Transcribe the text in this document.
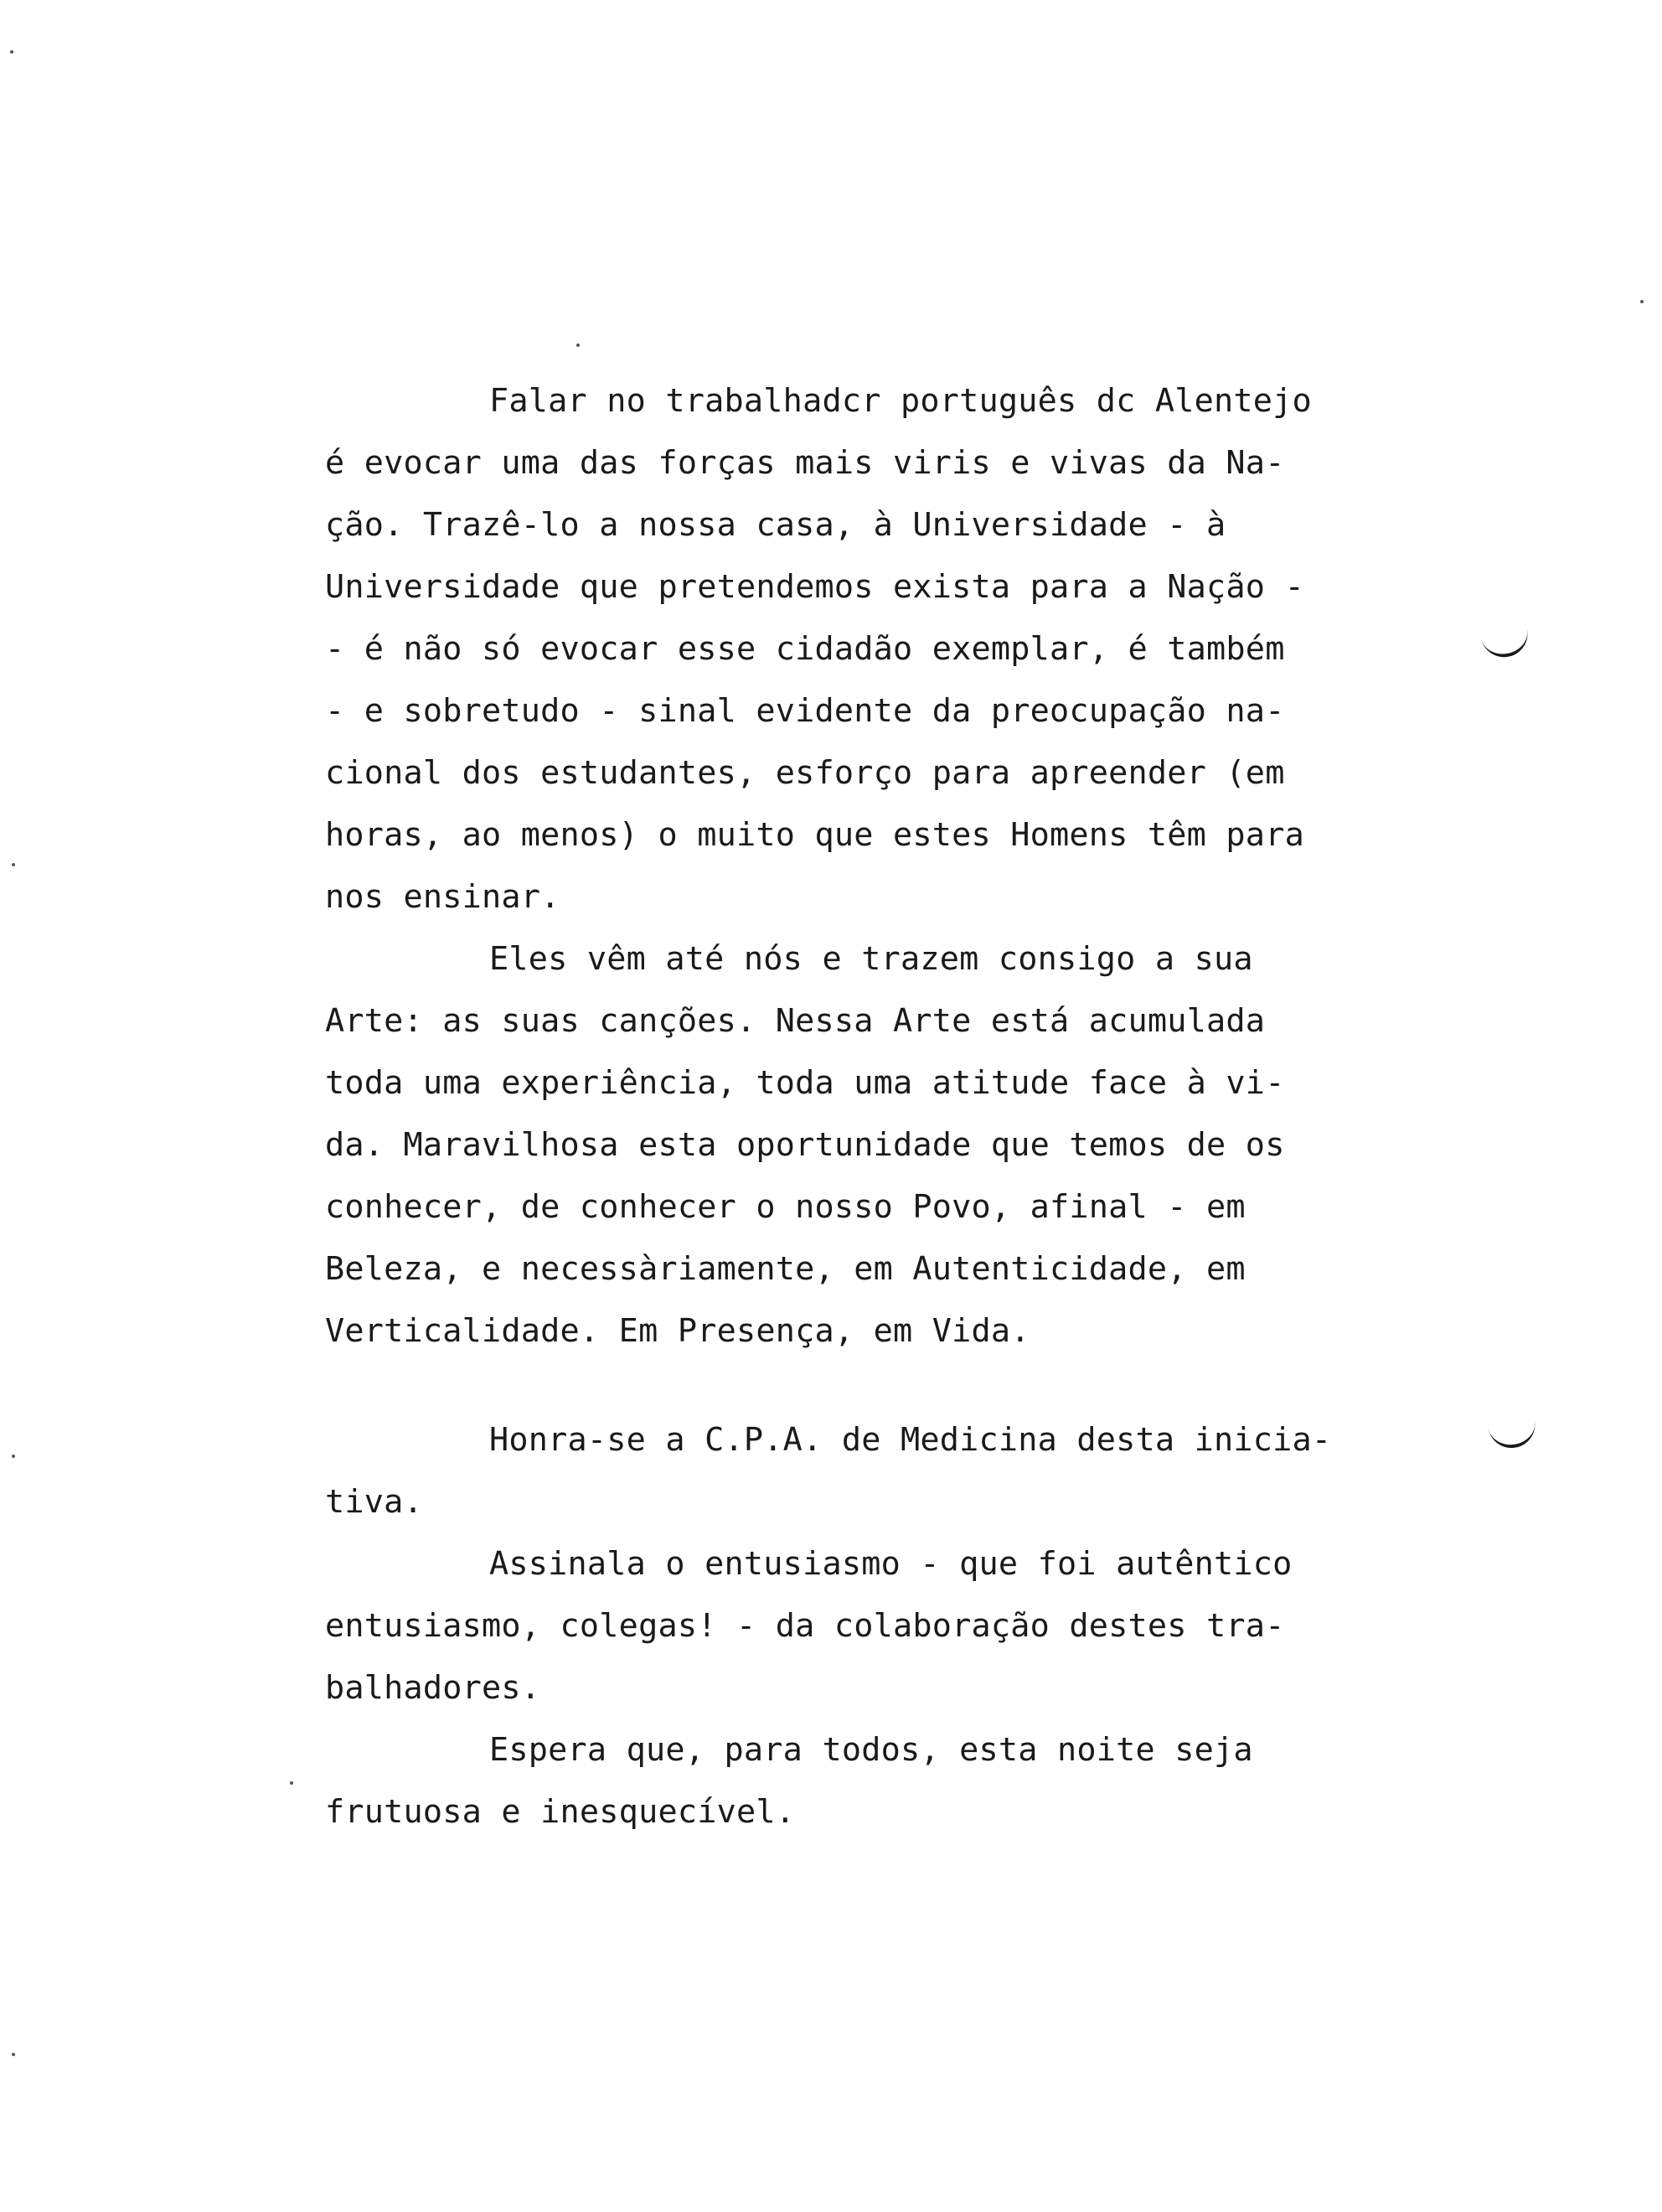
Falar no trabalhadcr português dc Alentejo
é evocar uma das forças mais viris e vivas da Na-
ção. Trazê-lo a nossa casa, à Universidade - à
Universidade que pretendemos exista para a Nação -
- é não só evocar esse cidadão exemplar, é também
- e sobretudo - sinal evidente da preocupação na-
cional dos estudantes, esforço para apreender (em
horas, ao menos) o muito que estes Homens têm para
nos ensinar.
Eles vêm até nós e trazem consigo a sua
Arte: as suas canções. Nessa Arte está acumulada
toda uma experiência, toda uma atitude face à vi-
da. Maravilhosa esta oportunidade que temos de os
conhecer, de conhecer o nosso Povo, afinal - em
Beleza, e necessàriamente, em Autenticidade, em
Verticalidade. Em Presença, em Vida.
Honra-se a C.P.A. de Medicina desta inicia-
tiva.
Assinala o entusiasmo - que foi autêntico
entusiasmo, colegas! - da colaboração destes tra-
balhadores.
Espera que, para todos, esta noite seja
frutuosa e inesquecível.
